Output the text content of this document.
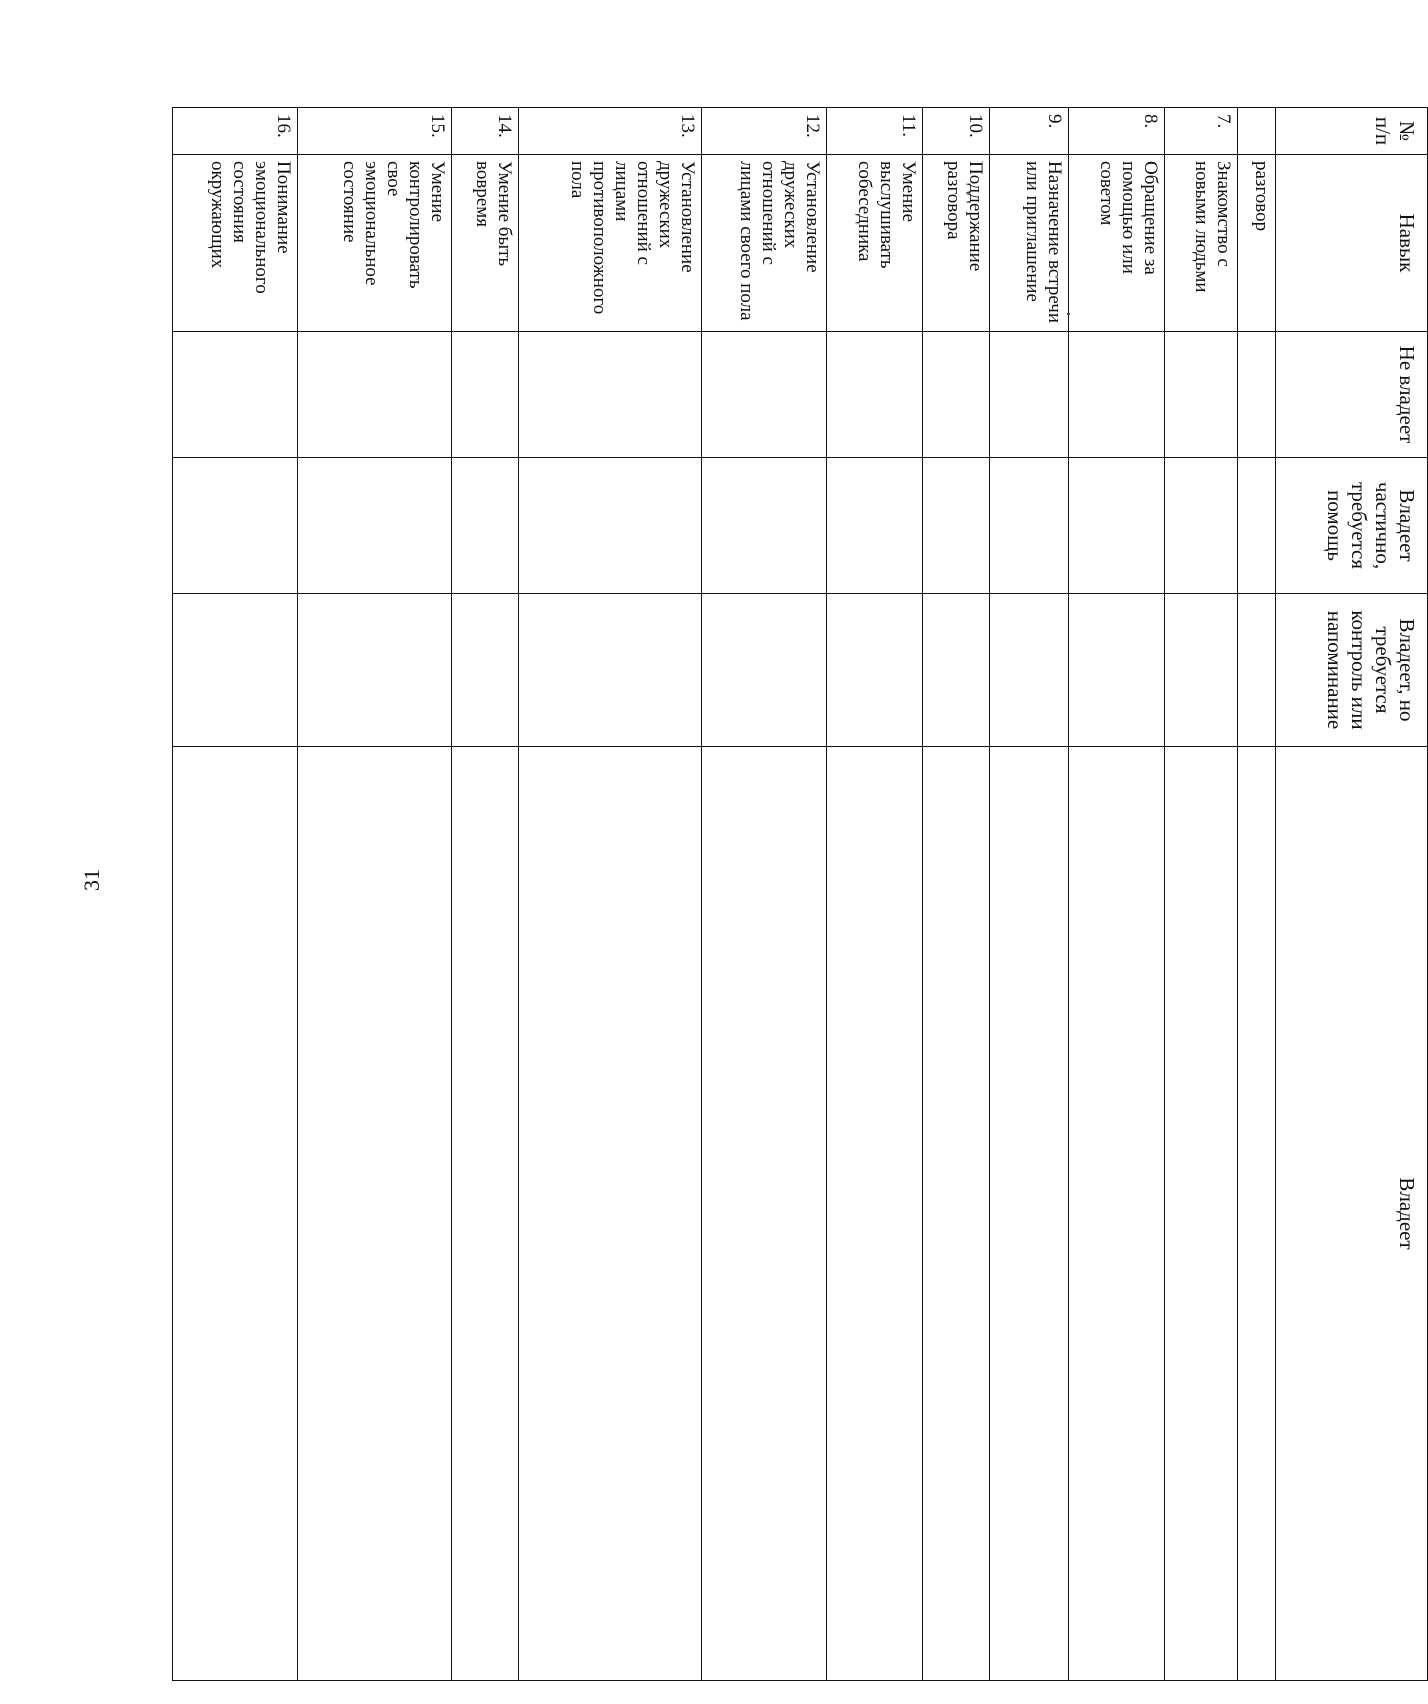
31
№ п/п	Навык	Не владеет	Владеет частично, требуется помощь	Владеет, но требуется контроль или напоминание	Владеет
	разговор				
7.	Знакомство с новыми людьми				
8.	Обращение за помощью или советом				
9.	Назначение встречи или приглашение				
10.	Поддержание разговора				
11.	Умение выслушивать собеседника				
12.	Установление дружеских отношений с лицами своего пола				
13.	Установление дружеских отношений с лицами противоположного пола				
14.	Умение быть вовремя				
15.	Умение контролировать свое эмоциональное состояние				
16.	Понимание эмоционального состояния окружающих				
